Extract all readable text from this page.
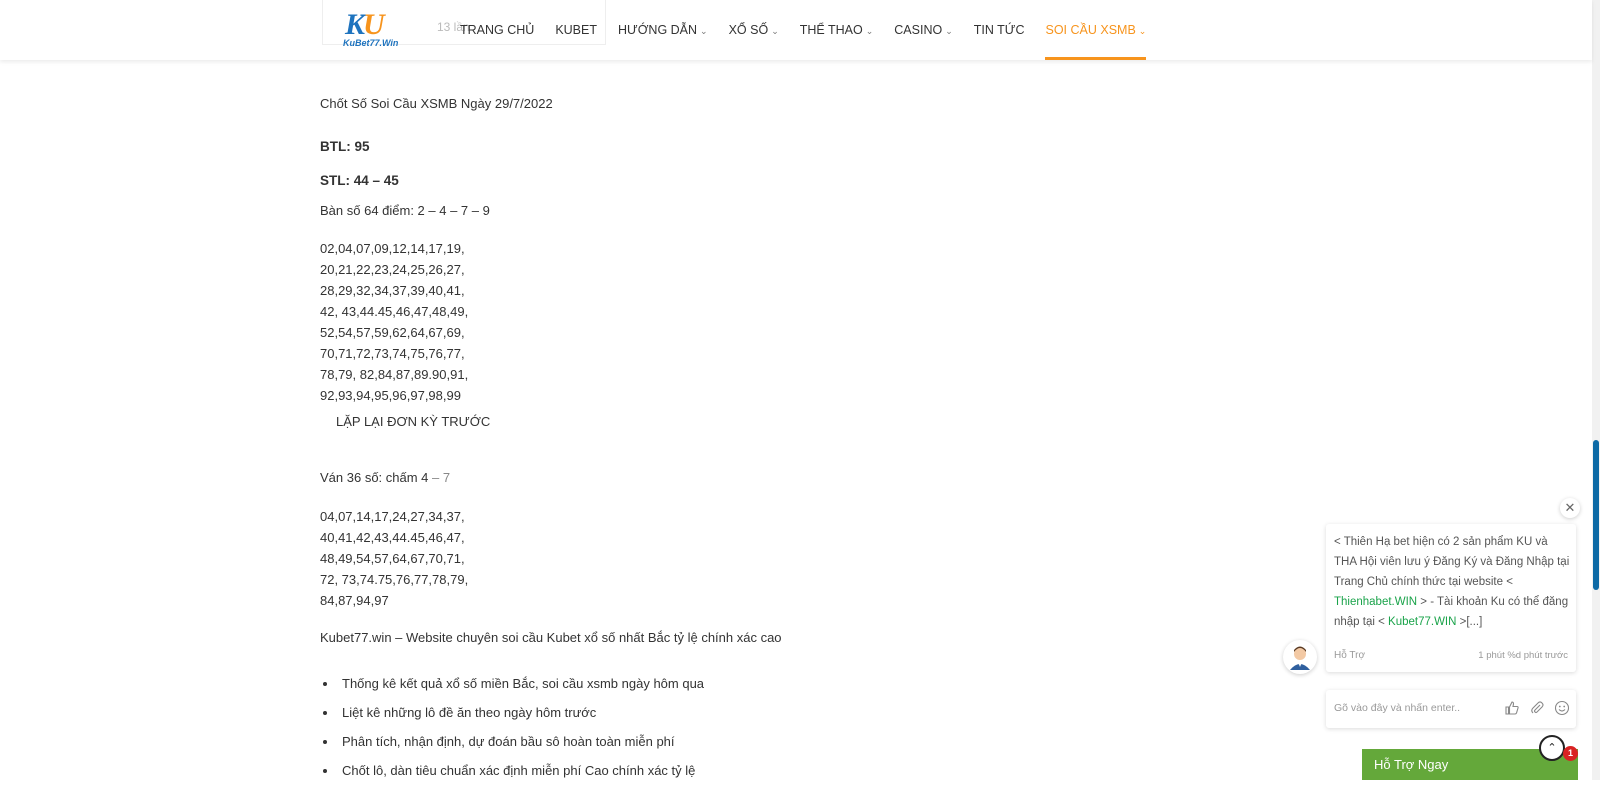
13 lần
KU
KuBet77.Win
TRANG CHỦ KUBET HƯỚNG DẪN ⌄ XỔ SỐ ⌄ THỂ THAO ⌄ CASINO ⌄ TIN TỨC SOI CẦU XSMB ⌄
Chốt Số Soi Cầu XSMB Ngày 29/7/2022
BTL: 95
STL: 44 – 45
Bàn số 64 điểm: 2 – 4 – 7 – 9
02,04,07,09,12,14,17,19,
20,21,22,23,24,25,26,27,
28,29,32,34,37,39,40,41,
42, 43,44.45,46,47,48,49,
52,54,57,59,62,64,67,69,
70,71,72,73,74,75,76,77,
78,79, 82,84,87,89.90,91,
92,93,94,95,96,97,98,99
LẶP LẠI ĐƠN KỲ TRƯỚC
Ván 36 số: chấm 4 – 7
04,07,14,17,24,27,34,37,
40,41,42,43,44.45,46,47,
48,49,54,57,64,67,70,71,
72, 73,74.75,76,77,78,79,
84,87,94,97
Kubet77.win – Website chuyên soi cầu Kubet xổ số nhất Bắc tỷ lệ chính xác cao
• Thống kê kết quả xổ số miền Bắc, soi cầu xsmb ngày hôm qua
• Liệt kê những lô đề ăn theo ngày hôm trước
• Phân tích, nhận định, dự đoán bầu sô hoàn toàn miễn phí
• Chốt lô, dàn tiêu chuẩn xác định miễn phí Cao chính xác tỷ lệ
✕
< Thiên Hạ bet hiện có 2 sản phẩm KU và THA Hội viên lưu ý Đăng Ký và Đăng Nhập tại Trang Chủ chính thức tại website < Thienhabet.WIN > - Tài khoản Ku có thể đăng nhập tại < Kubet77.WIN >[...]
Hỗ Trợ	1 phút %d phút trước
Gõ vào đây và nhấn enter..
Hỗ Trợ Ngay
⌃	1
